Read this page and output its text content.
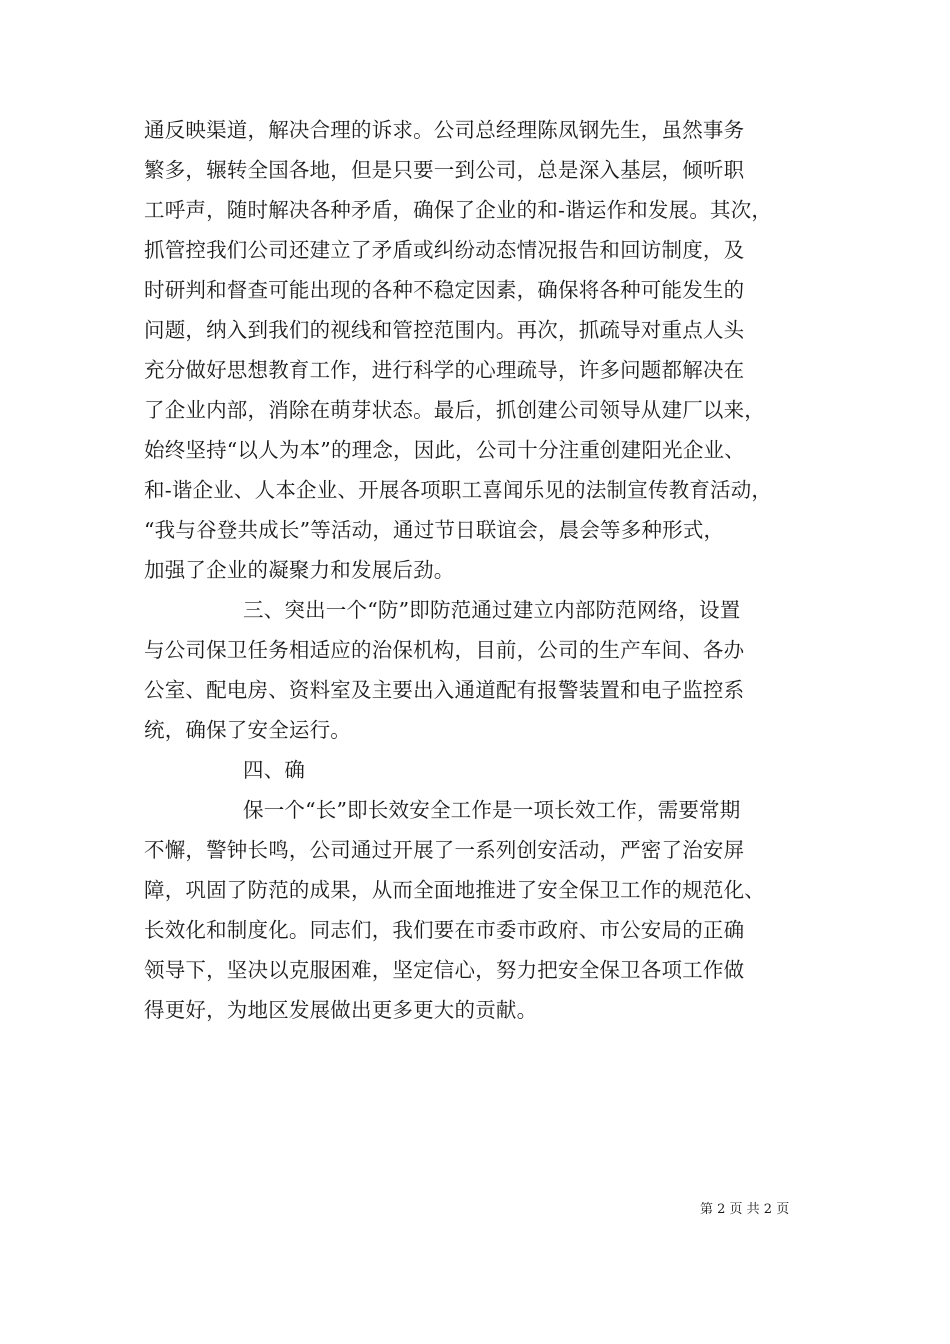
通反映渠道，解决合理的诉求。公司总经理陈凤钢先生，虽然事务
繁多，辗转全国各地，但是只要一到公司，总是深入基层，倾听职
工呼声，随时解决各种矛盾，确保了企业的和-谐运作和发展。其次，
抓管控我们公司还建立了矛盾或纠纷动态情况报告和回访制度，及
时研判和督查可能出现的各种不稳定因素，确保将各种可能发生的
问题，纳入到我们的视线和管控范围内。再次，抓疏导对重点人头
充分做好思想教育工作，进行科学的心理疏导，许多问题都解决在
了企业内部，消除在萌芽状态。最后，抓创建公司领导从建厂以来，
始终坚持“以人为本”的理念，因此，公司十分注重创建阳光企业、
和-谐企业、人本企业、开展各项职工喜闻乐见的法制宣传教育活动，
“我与谷登共成长”等活动，通过节日联谊会，晨会等多种形式，
加强了企业的凝聚力和发展后劲。
三、突出一个“防”即防范通过建立内部防范网络，设置
与公司保卫任务相适应的治保机构，目前，公司的生产车间、各办
公室、配电房、资料室及主要出入通道配有报警装置和电子监控系
统，确保了安全运行。
四、确
保一个“长”即长效安全工作是一项长效工作，需要常期
不懈，警钟长鸣，公司通过开展了一系列创安活动，严密了治安屏
障，巩固了防范的成果，从而全面地推进了安全保卫工作的规范化、
长效化和制度化。同志们，我们要在市委市政府、市公安局的正确
领导下，坚决以克服困难，坚定信心，努力把安全保卫各项工作做
得更好，为地区发展做出更多更大的贡献。
第 2 页 共 2 页
